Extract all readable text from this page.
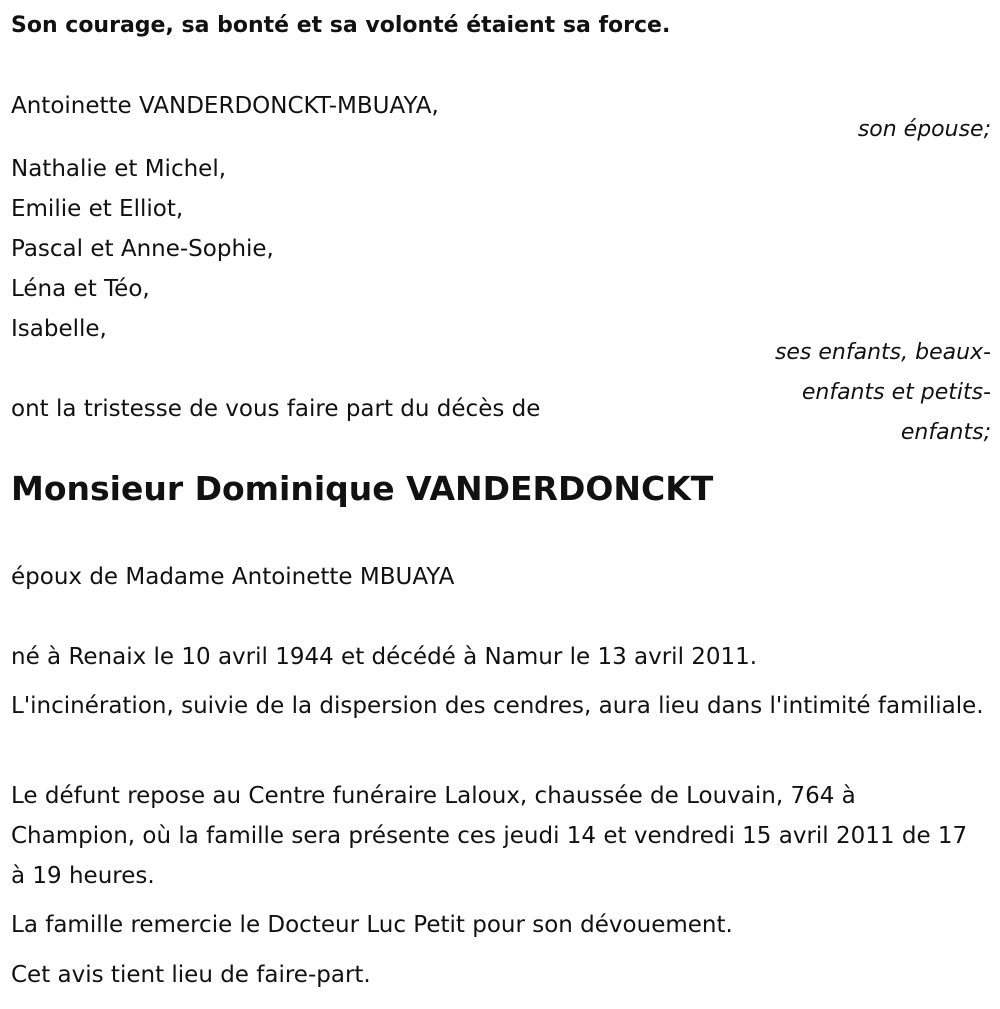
Son courage, sa bonté et sa volonté étaient sa force.
Antoinette VANDERDONCKT-MBUAYA,
son épouse;
Nathalie et Michel,
Emilie et Elliot,
Pascal et Anne-Sophie,
Léna et Téo,
Isabelle,
ses enfants, beaux-
enfants et petits-
enfants;
ont la tristesse de vous faire part du décès de
Monsieur Dominique VANDERDONCKT
époux de Madame Antoinette MBUAYA
né à Renaix le 10 avril 1944 et décédé à Namur le 13 avril 2011.
L'incinération, suivie de la dispersion des cendres, aura lieu dans l'intimité familiale.
Le défunt repose au Centre funéraire Laloux, chaussée de Louvain, 764 à Champion, où la famille sera présente ces jeudi 14 et vendredi 15 avril 2011 de 17 à 19 heures.
La famille remercie le Docteur Luc Petit pour son dévouement.
Cet avis tient lieu de faire-part.
